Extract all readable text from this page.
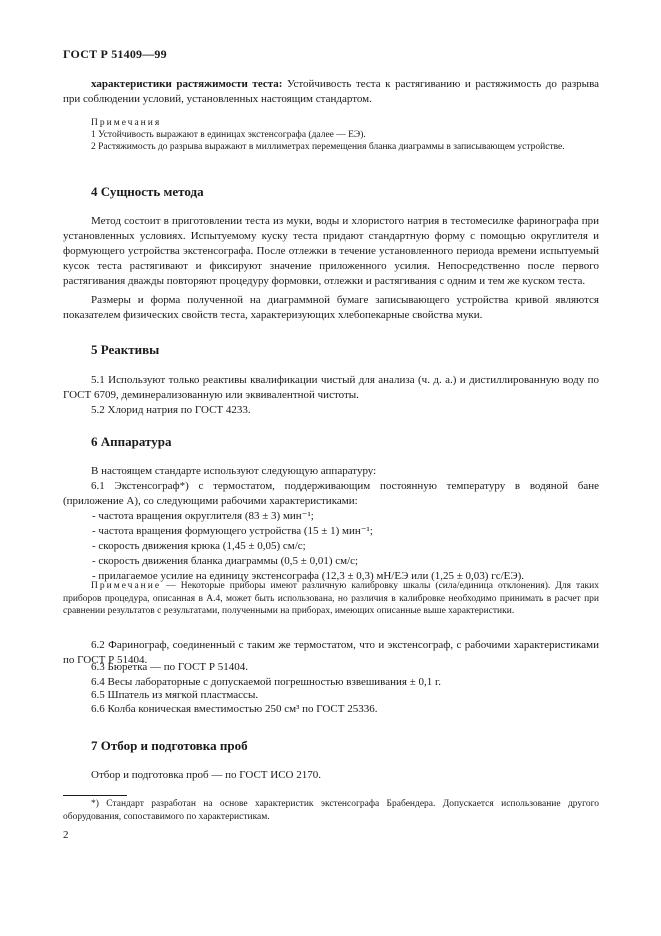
ГОСТ Р 51409—99

характеристики растяжимости теста: Устойчивость теста к растягиванию и растяжимость до разрыва при соблюдении условий, установленных настоящим стандартом.

Примечания

1 Устойчивость выражают в единицах экстенсографа (далее — ЕЭ).

2 Растяжимость до разрыва выражают в миллиметрах перемещения бланка диаграммы в записывающем устройстве.

4 Сущность метода

Метод состоит в приготовлении теста из муки, воды и хлористого натрия в тестомесилке фаринографа при установленных условиях. Испытуемому куску теста придают стандартную форму с помощью округлителя и формующего устройства экстенсографа. После отлежки в течение установленного периода времени испытуемый кусок теста растягивают и фиксируют значение приложенного усилия. Непосредственно после первого растягивания дважды повторяют процедуру формовки, отлежки и растягивания с одним и тем же куском теста.

Размеры и форма полученной на диаграммной бумаге записывающего устройства кривой являются показателем физических свойств теста, характеризующих хлебопекарные свойства муки.

5 Реактивы

5.1 Используют только реактивы квалификации чистый для анализа (ч. д. а.) и дистиллированную воду по ГОСТ 6709, деминерализованную или эквивалентной чистоты.

5.2 Хлорид натрия по ГОСТ 4233.

6 Аппаратура

В настоящем стандарте используют следующую аппаратуру:

6.1 Экстенсограф*) с термостатом, поддерживающим постоянную температуру в водяной бане (приложение А), со следующими рабочими характеристиками:

- частота вращения округлителя (83 ± 3) мин⁻¹;
- частота вращения формующего устройства (15 ± 1) мин⁻¹;
- скорость движения крюка (1,45 ± 0,05) см/с;
- скорость движения бланка диаграммы (0,5 ± 0,01) см/с;
- прилагаемое усилие на единицу экстенсографа (12,3 ± 0,3) мН/ЕЭ или (1,25 ± 0,03) гс/ЕЭ).

Примечание — Некоторые приборы имеют различную калибровку шкалы (сила/единица отклонения). Для таких приборов процедура, описанная в А.4, может быть использована, но различия в калибровке необходимо принимать в расчет при сравнении результатов с результатами, полученными на приборах, имеющих описанные выше характеристики.

6.2 Фаринограф, соединенный с таким же термостатом, что и экстенсограф, с рабочими характеристиками по ГОСТ Р 51404.

6.3 Бюретка — по ГОСТ Р 51404.

6.4 Весы лабораторные с допускаемой погрешностью взвешивания ± 0,1 г.

6.5 Шпатель из мягкой пластмассы.

6.6 Колба коническая вместимостью 250 см³ по ГОСТ 25336.

7 Отбор и подготовка проб

Отбор и подготовка проб — по ГОСТ ИСО 2170.

*) Стандарт разработан на основе характеристик экстенсографа Брабендера. Допускается использование другого оборудования, сопоставимого по характеристикам.

2
